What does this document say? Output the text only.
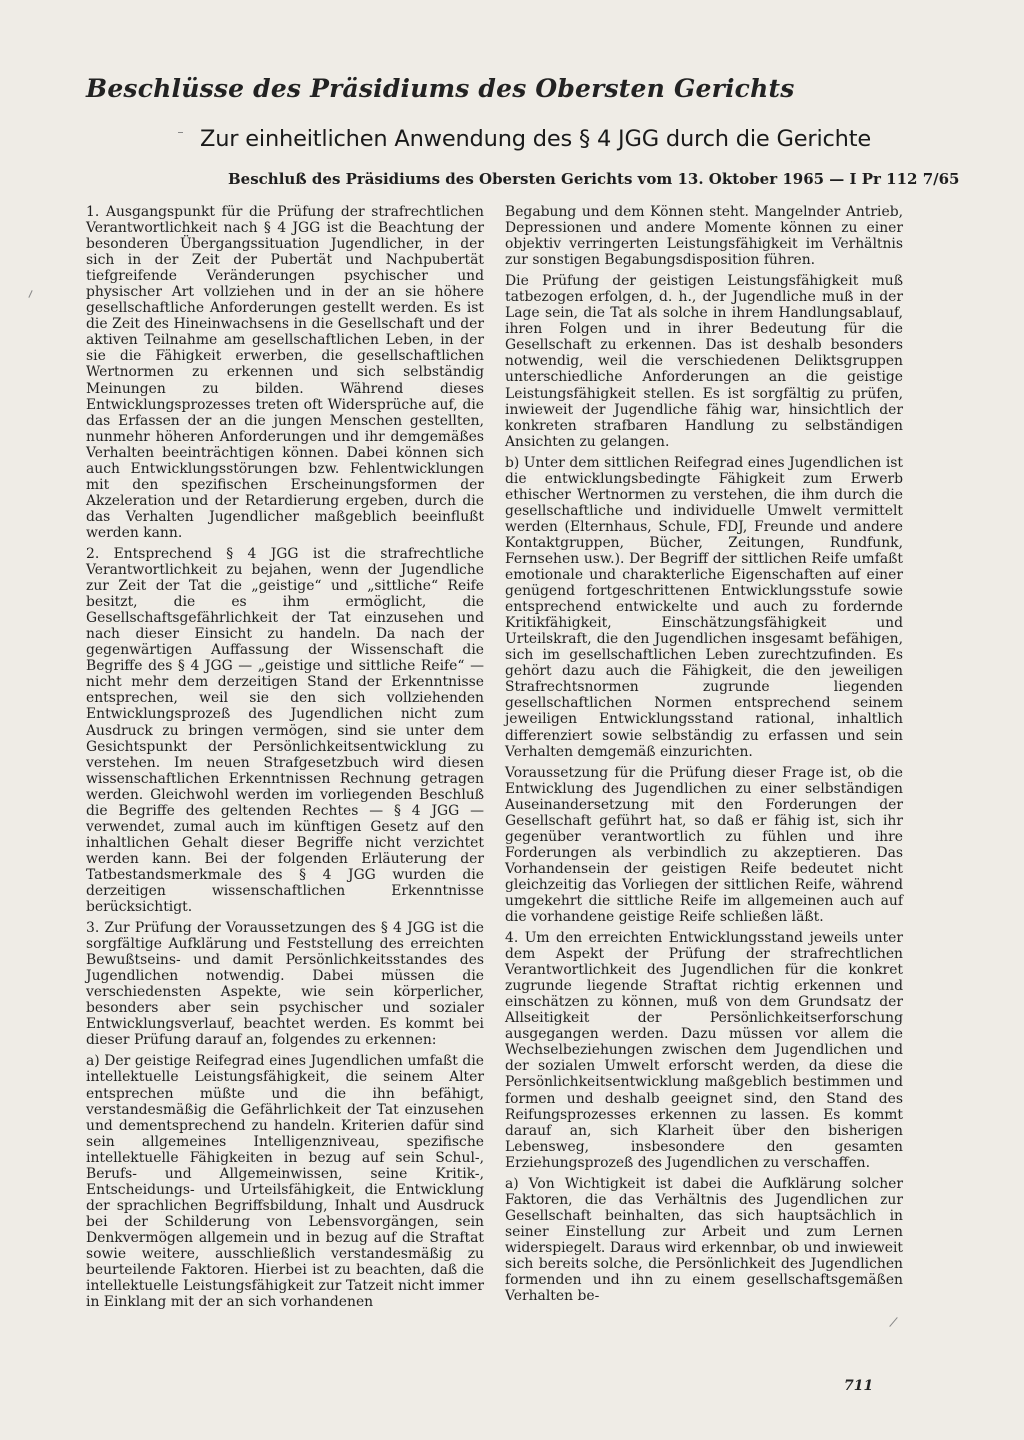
Beschlüsse des Präsidiums des Obersten Gerichts
Zur einheitlichen Anwendung des § 4 JGG durch die Gerichte
Beschluß des Präsidiums des Obersten Gerichts vom 13. Oktober 1965 — I Pr 112 7/65

1. Ausgangspunkt für die Prüfung der strafrechtlichen Verantwortlichkeit nach § 4 JGG ist die Beachtung der besonderen Übergangssituation Jugendlicher, in der sich in der Zeit der Pubertät und Nachpubertät tiefgreifende Veränderungen psychischer und physischer Art vollziehen und in der an sie höhere gesellschaftliche Anforderungen gestellt werden. Es ist die Zeit des Hineinwachsens in die Gesellschaft und der aktiven Teilnahme am gesellschaftlichen Leben, in der sie die Fähigkeit erwerben, die gesellschaftlichen Wertnormen zu erkennen und sich selbständig Meinungen zu bilden. Während dieses Entwicklungsprozesses treten oft Widersprüche auf, die das Erfassen der an die jungen Menschen gestellten, nunmehr höheren Anforderungen und ihr demgemäßes Verhalten beeinträchtigen können. Dabei können sich auch Entwicklungsstörungen bzw. Fehlentwicklungen mit den spezifischen Erscheinungsformen der Akzeleration und der Retardierung ergeben, durch die das Verhalten Jugendlicher maßgeblich beeinflußt werden kann.

2. Entsprechend § 4 JGG ist die strafrechtliche Verantwortlichkeit zu bejahen, wenn der Jugendliche zur Zeit der Tat die „geistige“ und „sittliche“ Reife besitzt, die es ihm ermöglicht, die Gesellschaftsgefährlichkeit der Tat einzusehen und nach dieser Einsicht zu handeln. Da nach der gegenwärtigen Auffassung der Wissenschaft die Begriffe des § 4 JGG — „geistige und sittliche Reife“ — nicht mehr dem derzeitigen Stand der Erkenntnisse entsprechen, weil sie den sich vollziehenden Entwicklungsprozeß des Jugendlichen nicht zum Ausdruck zu bringen vermögen, sind sie unter dem Gesichtspunkt der Persönlichkeitsentwicklung zu verstehen. Im neuen Strafgesetzbuch wird diesen wissenschaftlichen Erkenntnissen Rechnung getragen werden. Gleichwohl werden im vorliegenden Beschluß die Begriffe des geltenden Rechtes — § 4 JGG — verwendet, zumal auch im künftigen Gesetz auf den inhaltlichen Gehalt dieser Begriffe nicht verzichtet werden kann. Bei der folgenden Erläuterung der Tatbestandsmerkmale des § 4 JGG wurden die derzeitigen wissenschaftlichen Erkenntnisse berücksichtigt.

3. Zur Prüfung der Voraussetzungen des § 4 JGG ist die sorgfältige Aufklärung und Feststellung des erreichten Bewußtseins- und damit Persönlichkeitsstandes des Jugendlichen notwendig. Dabei müssen die verschiedensten Aspekte, wie sein körperlicher, besonders aber sein psychischer und sozialer Entwicklungsverlauf, beachtet werden. Es kommt bei dieser Prüfung darauf an, folgendes zu erkennen:

a) Der geistige Reifegrad eines Jugendlichen umfaßt die intellektuelle Leistungsfähigkeit, die seinem Alter entsprechen müßte und die ihn befähigt, verstandesmäßig die Gefährlichkeit der Tat einzusehen und dementsprechend zu handeln. Kriterien dafür sind sein allgemeines Intelligenzniveau, spezifische intellektuelle Fähigkeiten in bezug auf sein Schul-, Berufs- und Allgemeinwissen, seine Kritik-, Entscheidungs- und Urteilsfähigkeit, die Entwicklung der sprachlichen Begriffsbildung, Inhalt und Ausdruck bei der Schilderung von Lebensvorgängen, sein Denkvermögen allgemein und in bezug auf die Straftat sowie weitere, ausschließlich verstandesmäßig zu beurteilende Faktoren. Hierbei ist zu beachten, daß die intellektuelle Leistungsfähigkeit zur Tatzeit nicht immer in Einklang mit der an sich vorhandenen

Begabung und dem Können steht. Mangelnder Antrieb, Depressionen und andere Momente können zu einer objektiv verringerten Leistungsfähigkeit im Verhältnis zur sonstigen Begabungsdisposition führen.

Die Prüfung der geistigen Leistungsfähigkeit muß tatbezogen erfolgen, d. h., der Jugendliche muß in der Lage sein, die Tat als solche in ihrem Handlungsablauf, ihren Folgen und in ihrer Bedeutung für die Gesellschaft zu erkennen. Das ist deshalb besonders notwendig, weil die verschiedenen Deliktsgruppen unterschiedliche Anforderungen an die geistige Leistungsfähigkeit stellen. Es ist sorgfältig zu prüfen, inwieweit der Jugendliche fähig war, hinsichtlich der konkreten strafbaren Handlung zu selbständigen Ansichten zu gelangen.

b) Unter dem sittlichen Reifegrad eines Jugendlichen ist die entwicklungsbedingte Fähigkeit zum Erwerb ethischer Wertnormen zu verstehen, die ihm durch die gesellschaftliche und individuelle Umwelt vermittelt werden (Elternhaus, Schule, FDJ, Freunde und andere Kontaktgruppen, Bücher, Zeitungen, Rundfunk, Fernsehen usw.). Der Begriff der sittlichen Reife umfaßt emotionale und charakterliche Eigenschaften auf einer genügend fortgeschrittenen Entwicklungsstufe sowie entsprechend entwickelte und auch zu fordernde Kritikfähigkeit, Einschätzungsfähigkeit und Urteilskraft, die den Jugendlichen insgesamt befähigen, sich im gesellschaftlichen Leben zurechtzufinden. Es gehört dazu auch die Fähigkeit, die den jeweiligen Strafrechtsnormen zugrunde liegenden gesellschaftlichen Normen entsprechend seinem jeweiligen Entwicklungsstand rational, inhaltlich differenziert sowie selbständig zu erfassen und sein Verhalten demgemäß einzurichten.

Voraussetzung für die Prüfung dieser Frage ist, ob die Entwicklung des Jugendlichen zu einer selbständigen Auseinandersetzung mit den Forderungen der Gesellschaft geführt hat, so daß er fähig ist, sich ihr gegenüber verantwortlich zu fühlen und ihre Forderungen als verbindlich zu akzeptieren. Das Vorhandensein der geistigen Reife bedeutet nicht gleichzeitig das Vorliegen der sittlichen Reife, während umgekehrt die sittliche Reife im allgemeinen auch auf die vorhandene geistige Reife schließen läßt.

4. Um den erreichten Entwicklungsstand jeweils unter dem Aspekt der Prüfung der strafrechtlichen Verantwortlichkeit des Jugendlichen für die konkret zugrunde liegende Straftat richtig erkennen und einschätzen zu können, muß von dem Grundsatz der Allseitigkeit der Persönlichkeitserforschung ausgegangen werden. Dazu müssen vor allem die Wechselbeziehungen zwischen dem Jugendlichen und der sozialen Umwelt erforscht werden, da diese die Persönlichkeitsentwicklung maßgeblich bestimmen und formen und deshalb geeignet sind, den Stand des Reifungsprozesses erkennen zu lassen. Es kommt darauf an, sich Klarheit über den bisherigen Lebensweg, insbesondere den gesamten Erziehungsprozeß des Jugendlichen zu verschaffen.

a) Von Wichtigkeit ist dabei die Aufklärung solcher Faktoren, die das Verhältnis des Jugendlichen zur Gesellschaft beinhalten, das sich hauptsächlich in seiner Einstellung zur Arbeit und zum Lernen widerspiegelt. Daraus wird erkennbar, ob und inwieweit sich bereits solche, die Persönlichkeit des Jugendlichen formenden und ihn zu einem gesellschaftsgemäßen Verhalten be-

711
